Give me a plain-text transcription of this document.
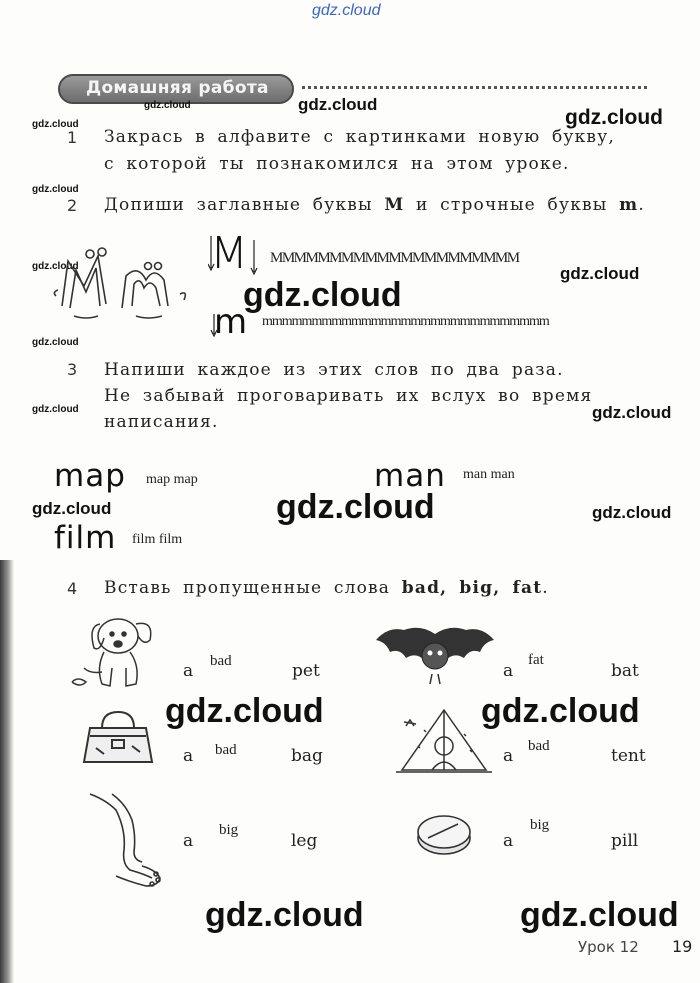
gdz.cloud
Домашняя работа
gdz.cloud	gdz.cloud
gdz.cloud
gdz.cloud
gdz.cloud
gdz.cloud	gdz.cloud
gdz.cloud
gdz.cloud
gdz.cloud	gdz.cloud
gdz.cloud	gdz.cloud	gdz.cloud
gdz.cloud	gdz.cloud
gdz.cloud	gdz.cloud
1 Закрась в алфавите с картинками новую букву,
с которой ты познакомился на этом уроке.
2 Допиши заглавные буквы M и строчные буквы m.
M MMMMMMMMMMMMMMMMMMMMM
m mmmmmmmmmmmmmmmmmmmmmmmmmmmmm
3 Напиши каждое из этих слов по два раза.
Не забывай проговаривать их вслух во время
написания.
map map map	man man man
film film film
4 Вставь пропущенные слова bad, big, fat.
a bad	pet	a
fat
bat
a bad	bag	a bad	tent
a
big
leg	a
big
pill
Урок 12 19
